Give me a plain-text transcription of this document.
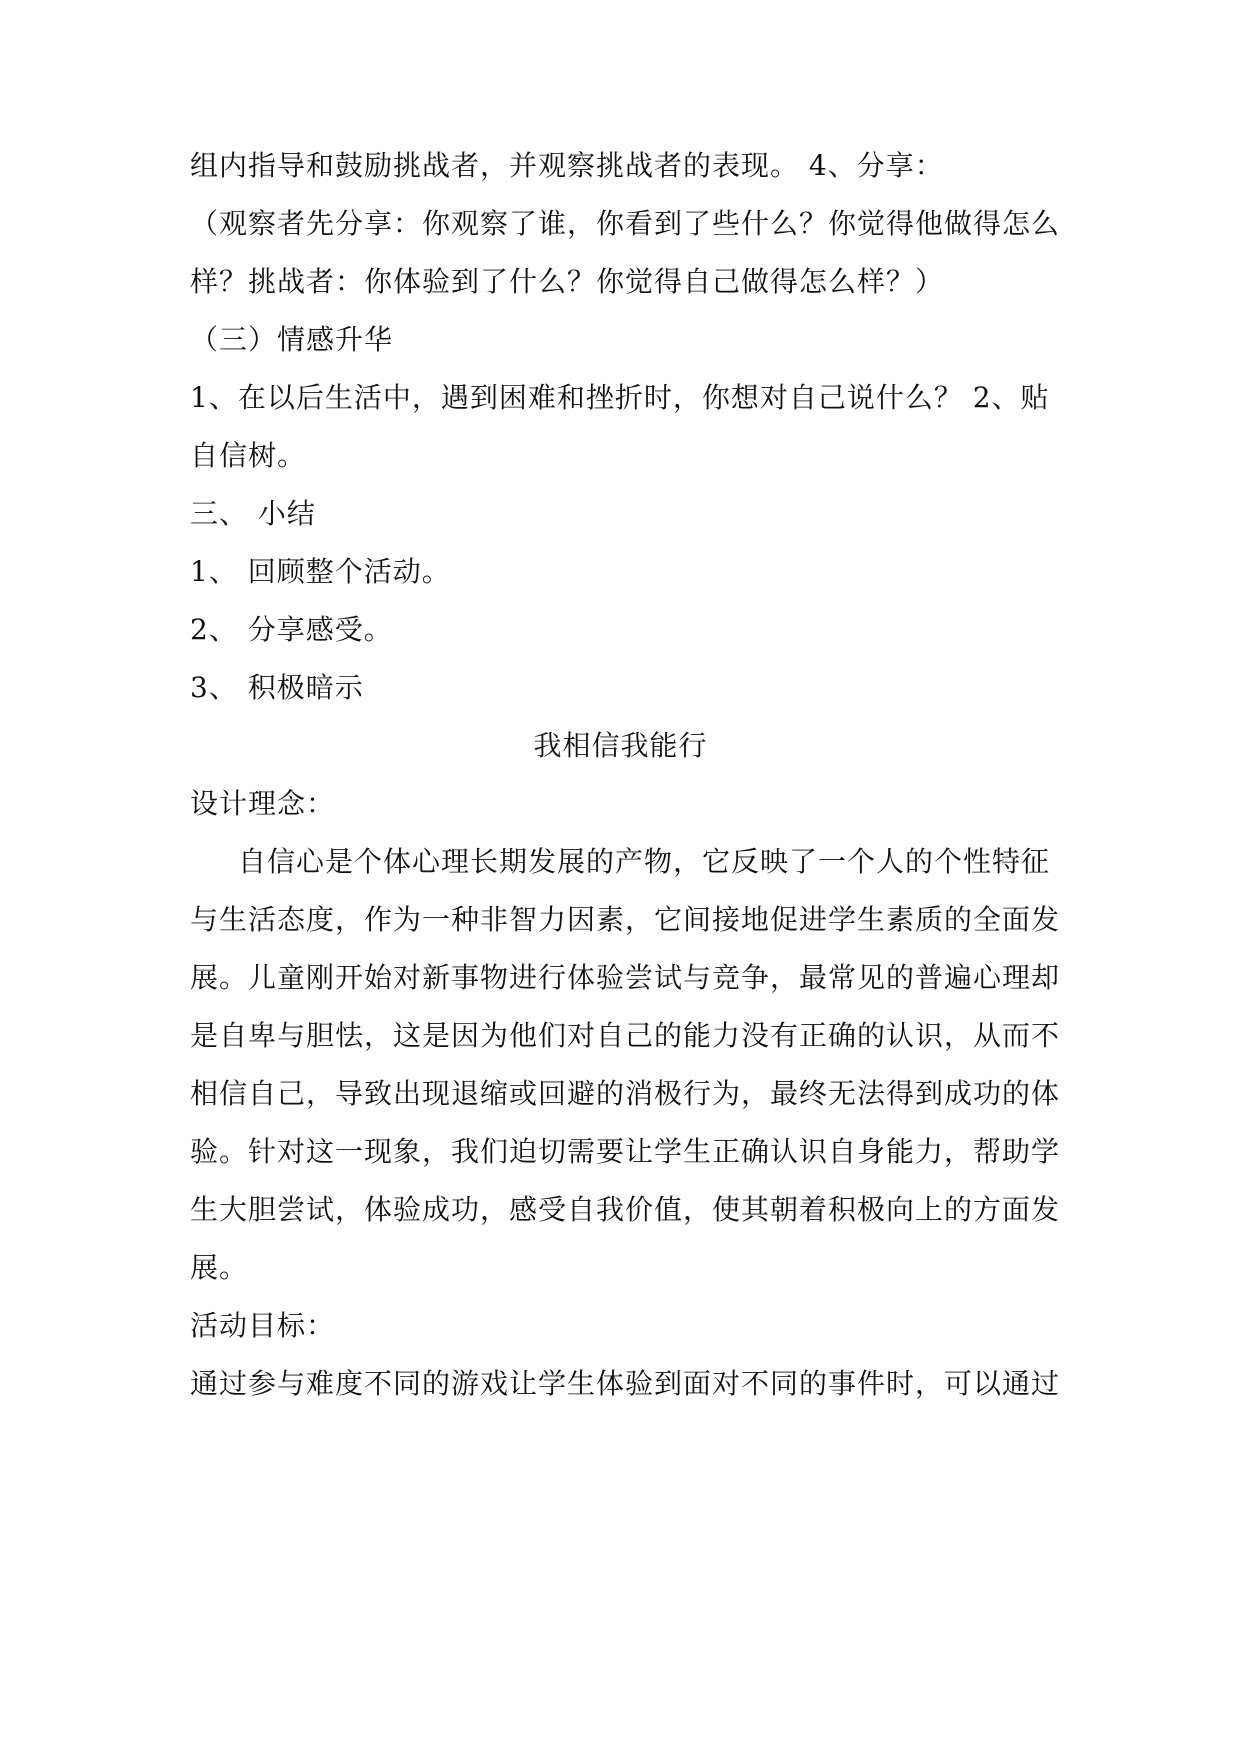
组内指导和鼓励挑战者，并观察挑战者的表现。 4、分享：
（观察者先分享：你观察了谁，你看到了些什么？你觉得他做得怎么
样？挑战者：你体验到了什么？你觉得自己做得怎么样？）
（三）情感升华
1、在以后生活中，遇到困难和挫折时，你想对自己说什么？ 2、贴
自信树。
三、 小结
1、 回顾整个活动。
2、 分享感受。
3、 积极暗示
我相信我能行
设计理念：
自信心是个体心理长期发展的产物，它反映了一个人的个性特征
与生活态度，作为一种非智力因素，它间接地促进学生素质的全面发
展。儿童刚开始对新事物进行体验尝试与竞争，最常见的普遍心理却
是自卑与胆怯，这是因为他们对自己的能力没有正确的认识，从而不
相信自己，导致出现退缩或回避的消极行为，最终无法得到成功的体
验。针对这一现象，我们迫切需要让学生正确认识自身能力，帮助学
生大胆尝试，体验成功，感受自我价值，使其朝着积极向上的方面发
展。
活动目标：
通过参与难度不同的游戏让学生体验到面对不同的事件时，可以通过
